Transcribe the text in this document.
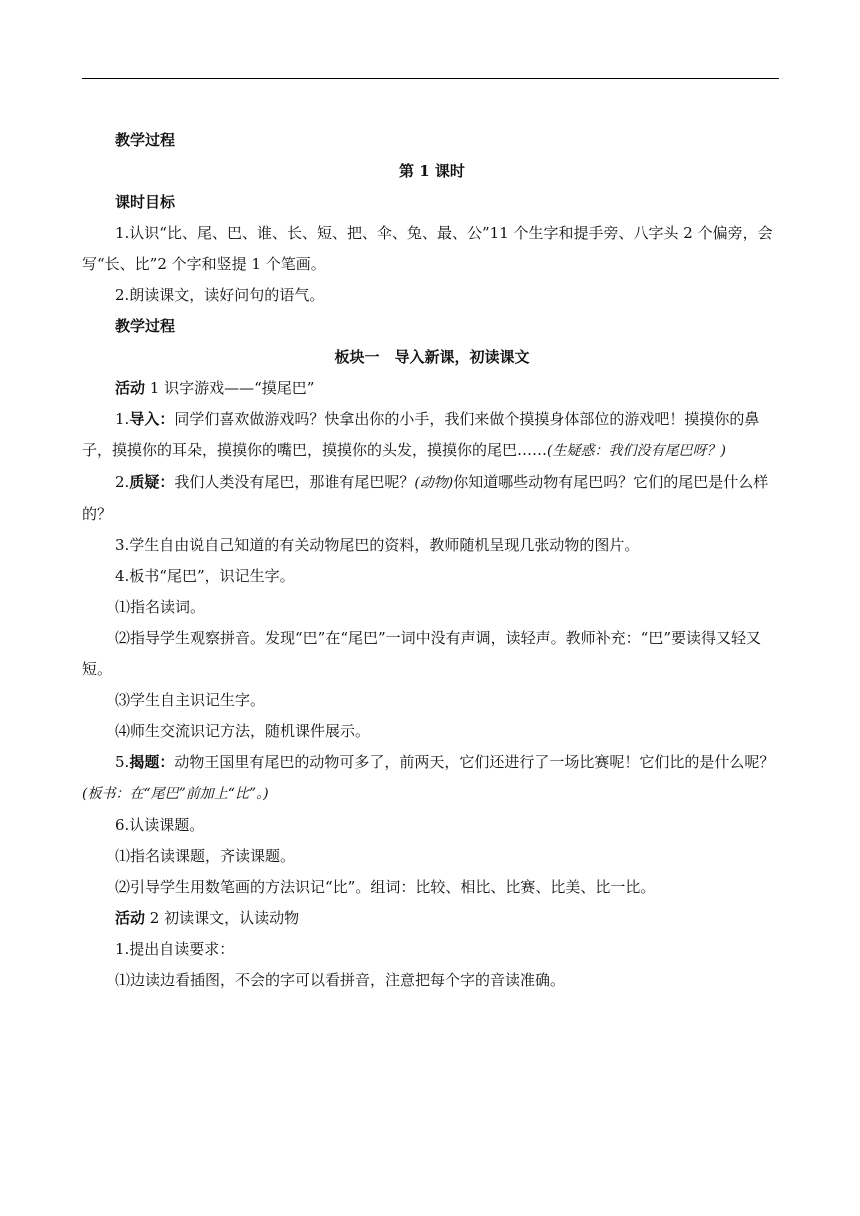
教学过程

第 1 课时

课时目标

1.认识“比、尾、巴、谁、长、短、把、伞、兔、最、公”11 个生字和提手旁、八字头 2 个偏旁，会写“长、比”2 个字和竖提 1 个笔画。

2.朗读课文，读好问句的语气。

教学过程

板块一　导入新课，初读课文

活动 1 识字游戏——“摸尾巴”

1.导入：同学们喜欢做游戏吗？快拿出你的小手，我们来做个摸摸身体部位的游戏吧！摸摸你的鼻子，摸摸你的耳朵，摸摸你的嘴巴，摸摸你的头发，摸摸你的尾巴……(生疑惑：我们没有尾巴呀？)

2.质疑：我们人类没有尾巴，那谁有尾巴呢？(动物)你知道哪些动物有尾巴吗？它们的尾巴是什么样的？

3.学生自由说自己知道的有关动物尾巴的资料，教师随机呈现几张动物的图片。

4.板书“尾巴”，识记生字。

⑴指名读词。

⑵指导学生观察拼音。发现“巴”在“尾巴”一词中没有声调，读轻声。教师补充：“巴”要读得又轻又短。

⑶学生自主识记生字。

⑷师生交流识记方法，随机课件展示。

5.揭题：动物王国里有尾巴的动物可多了，前两天，它们还进行了一场比赛呢！它们比的是什么呢？(板书：在“尾巴”前加上“比”。)

6.认读课题。

⑴指名读课题，齐读课题。

⑵引导学生用数笔画的方法识记“比”。组词：比较、相比、比赛、比美、比一比。

活动 2 初读课文，认读动物

1.提出自读要求：

⑴边读边看插图，不会的字可以看拼音，注意把每个字的音读准确。
